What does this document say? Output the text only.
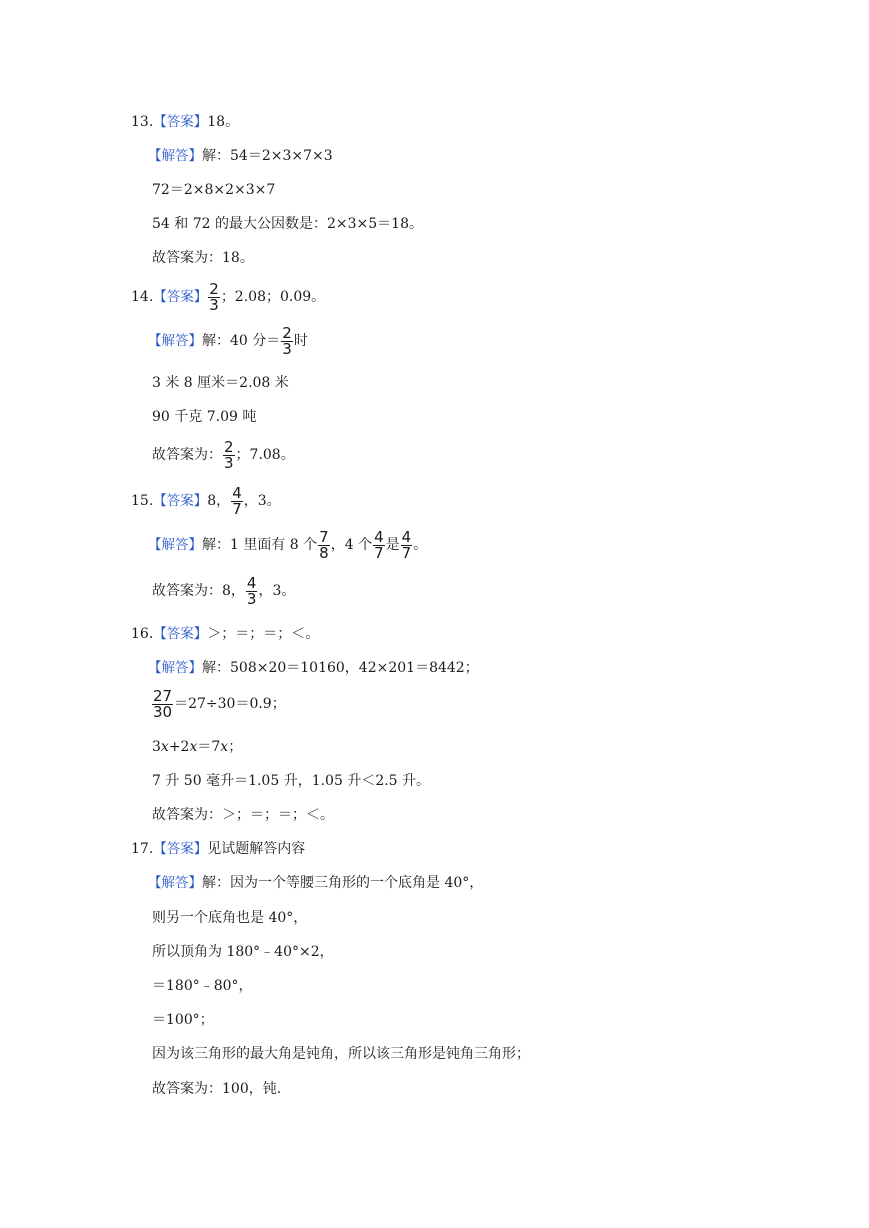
13.【答案】18。
【解答】解：54＝2×3×7×3
72＝2×8×2×3×7
54 和 72 的最大公因数是：2×3×5＝18。
故答案为：18。
14.【答案】 $\frac{2}{3}$ ；2.08；0.09。
【解答】解：40 分＝ $\frac{2}{3}$ 时
3 米 8 厘米＝2.08 米
90 千克 7.09 吨
故答案为： $\frac{2}{3}$ ；7.08。
15.【答案】8， $\frac{4}{7}$ ，3。
【解答】解：1 里面有 8 个 $\frac{7}{8}$ ，4 个 $\frac{4}{7}$ 是 $\frac{4}{7}$ 。
故答案为：8， $\frac{4}{3}$ ，3。
16.【答案】＞；＝；＝；＜。
【解答】解：508×20＝10160，42×201＝8442；
$\frac{27}{30} =27\div 30=0.9$；
3x+2x＝7x；
7 升 50 毫升＝1.05 升，1.05 升＜2.5 升。
故答案为：＞；＝；＝；＜。
17.【答案】见试题解答内容
【解答】解：因为一个等腰三角形的一个底角是 40°，
则另一个底角也是 40°，
所以顶角为 180°﹣40°×2，
＝180°﹣80°，
＝100°；
因为该三角形的最大角是钝角，所以该三角形是钝角三角形；
故答案为：100，钝.
